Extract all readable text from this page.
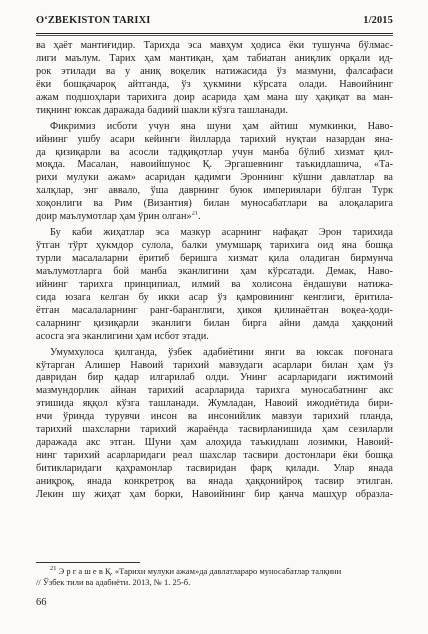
O‘ZBEKISTON TARIXI	1/2015
ва ҳаёт мантиғидир. Тарихда эса мавҳум ҳодиса ёки тушунча бўлмас-
лиги маълум. Тарих ҳам мантиқан, ҳам табиатан аниқлик орқали ид-
рок этилади ва у аниқ воқелик натижасида ўз мазмуни, фалсафаси
ёки бошқачароқ айтганда, ўз ҳукмини кўрсата олади. Навоийнинг
ажам подшоҳлари тарихига доир асарида ҳам мана шу ҳақиқат ва ман-
тиқнинг юксак даражада бадиий шакли кўзга ташланади.
Фикримиз исботи учун яна шуни ҳам айтиш мумкинки, Наво-
ийнинг ушбу асари кейинги йилларда тарихий нуқтаи назардан яна-
да қизиқарли ва асосли тадқиқотлар учун манба бўлиб хизмат қил-
моқда. Масалан, навоийшунос Қ. Эргашевнинг таъкидлашича, «Та-
рихи мулуки ажам» асаридан қадимги Эроннинг кўшни давлатлар ва
халқлар, энг аввало, ўша даврнинг буюк империялари бўлган Турк
хоқонлиги ва Рим (Византия) билан муносабатлари ва алоқаларига
доир маълумотлар ҳам ўрин олган»$^{21}$.
Бу каби жиҳатлар эса мазкур асарнинг нафақат Эрон тарихида
ўтган тўрт ҳукмдор сулола, балки умумшарқ тарихига оид яна бошқа
турли масалаларни ёритиб беришга хизмат қила оладиган бирмунча
маълумотларга бой манба эканлигини ҳам кўрсатади. Демак, Наво-
ийнинг тарихга принципиал, илмий ва холисона ёндашуви натижа-
сида юзага келган бу икки асар ўз қамровининг кенглиги, ёритила-
ётган масалаларнинг ранг-баранглиги, ҳикоя қилинаётган воқеа-ҳоди-
саларнинг қизиқарли эканлиги билан бирга айни дамда ҳаққоний
асосга эга эканлигини ҳам исбот этади.
Умумхулоса қилганда, ўзбек адабиётини янги ва юксак поғонага
кўтарган Алишер Навоий тарихий мавзудаги асарлари билан ҳам ўз
давридан бир қадар илгарилаб олди. Унинг асарларидаги ижтимоий
мазмундорлик айнан тарихий асарларида тарихга муносабатнинг акс
этишида яққол кўзга ташланади. Жумладан, Навоий ижодиётида бири-
нчи ўринда турувчи инсон ва инсонийлик мавзуи тарихий планда,
тарихий шахсларни тарихий жараёнда тасвирланишида ҳам сезиларли
даражада акс этган. Шуни ҳам алоҳида таъкидлаш лозимки, Навоий-
нинг тарихий асарларидаги реал шахслар тасвири достонлари ёки бошқа
битикларидаги қаҳрамонлар тасвиридан фарқ қилади. Улар янада
аниқроқ, янада конкретроқ ва янада ҳаққонийроқ тасвир этилган.
Лекин шу жиҳат ҳам борки, Навоийнинг бир қанча машҳур образла-
$^{21}$ Э р г а ш е в Қ. «Тарихи мулуки ажам»да давлатлараро муносабатлар талқини
// Ўзбек тили ва адабиёти. 2013, № 1. 25-б.
66
